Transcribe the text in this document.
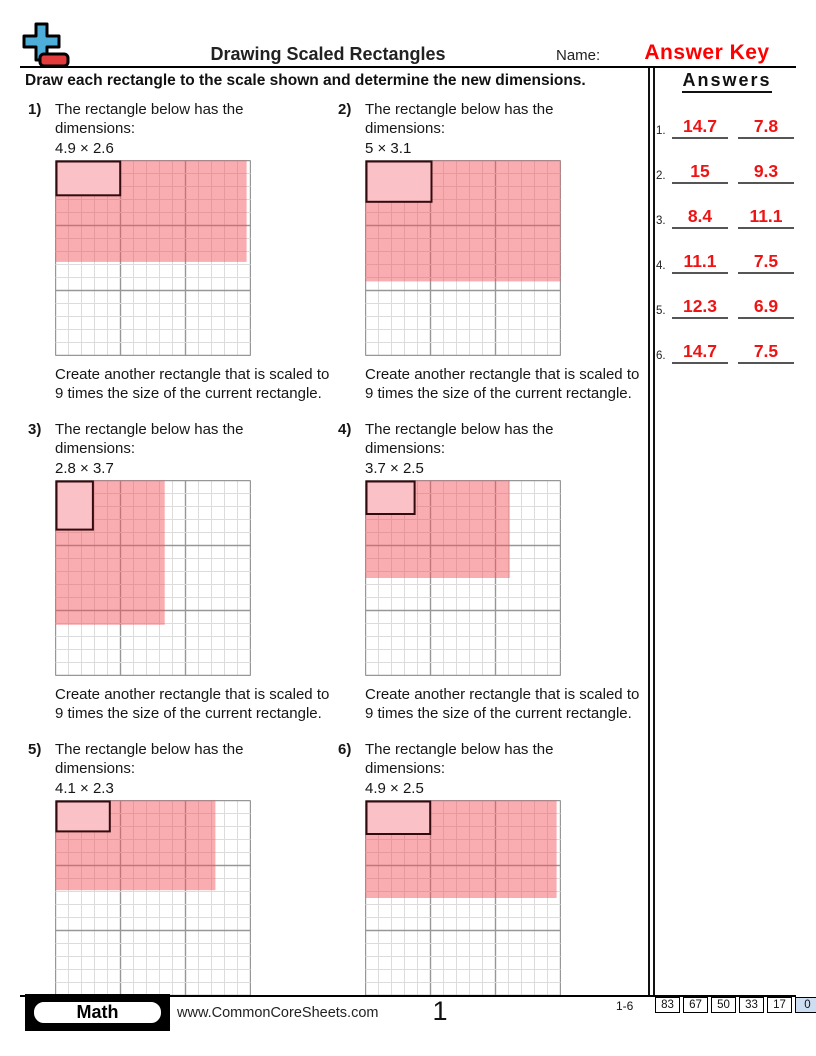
Drawing Scaled Rectangles	Name:	Answer Key
Draw each rectangle to the scale shown and determine the new dimensions.	Answers
1. 14.7	7.8
2.	15	9.3
3.	8.4	11.1
4.	11.1	7.5
5. 12.3	6.9
6. 14.7	7.5
1) The rectangle below has the
dimensions:
4.9 × 2.6
Create another rectangle that is scaled to 9 times the size of the current rectangle.
2) The rectangle below has the
dimensions:
5 × 3.1
Create another rectangle that is scaled to 9 times the size of the current rectangle.
3) The rectangle below has the
dimensions:
2.8 × 3.7
Create another rectangle that is scaled to 9 times the size of the current rectangle.
4) The rectangle below has the
dimensions:
3.7 × 2.5
Create another rectangle that is scaled to 9 times the size of the current rectangle.
5) The rectangle below has the
dimensions:
4.1 × 2.3
6) The rectangle below has the
dimensions:
4.9 × 2.5
Math	www.CommonCoreSheets.com	1	1-6	83	67	50	33	17	0
